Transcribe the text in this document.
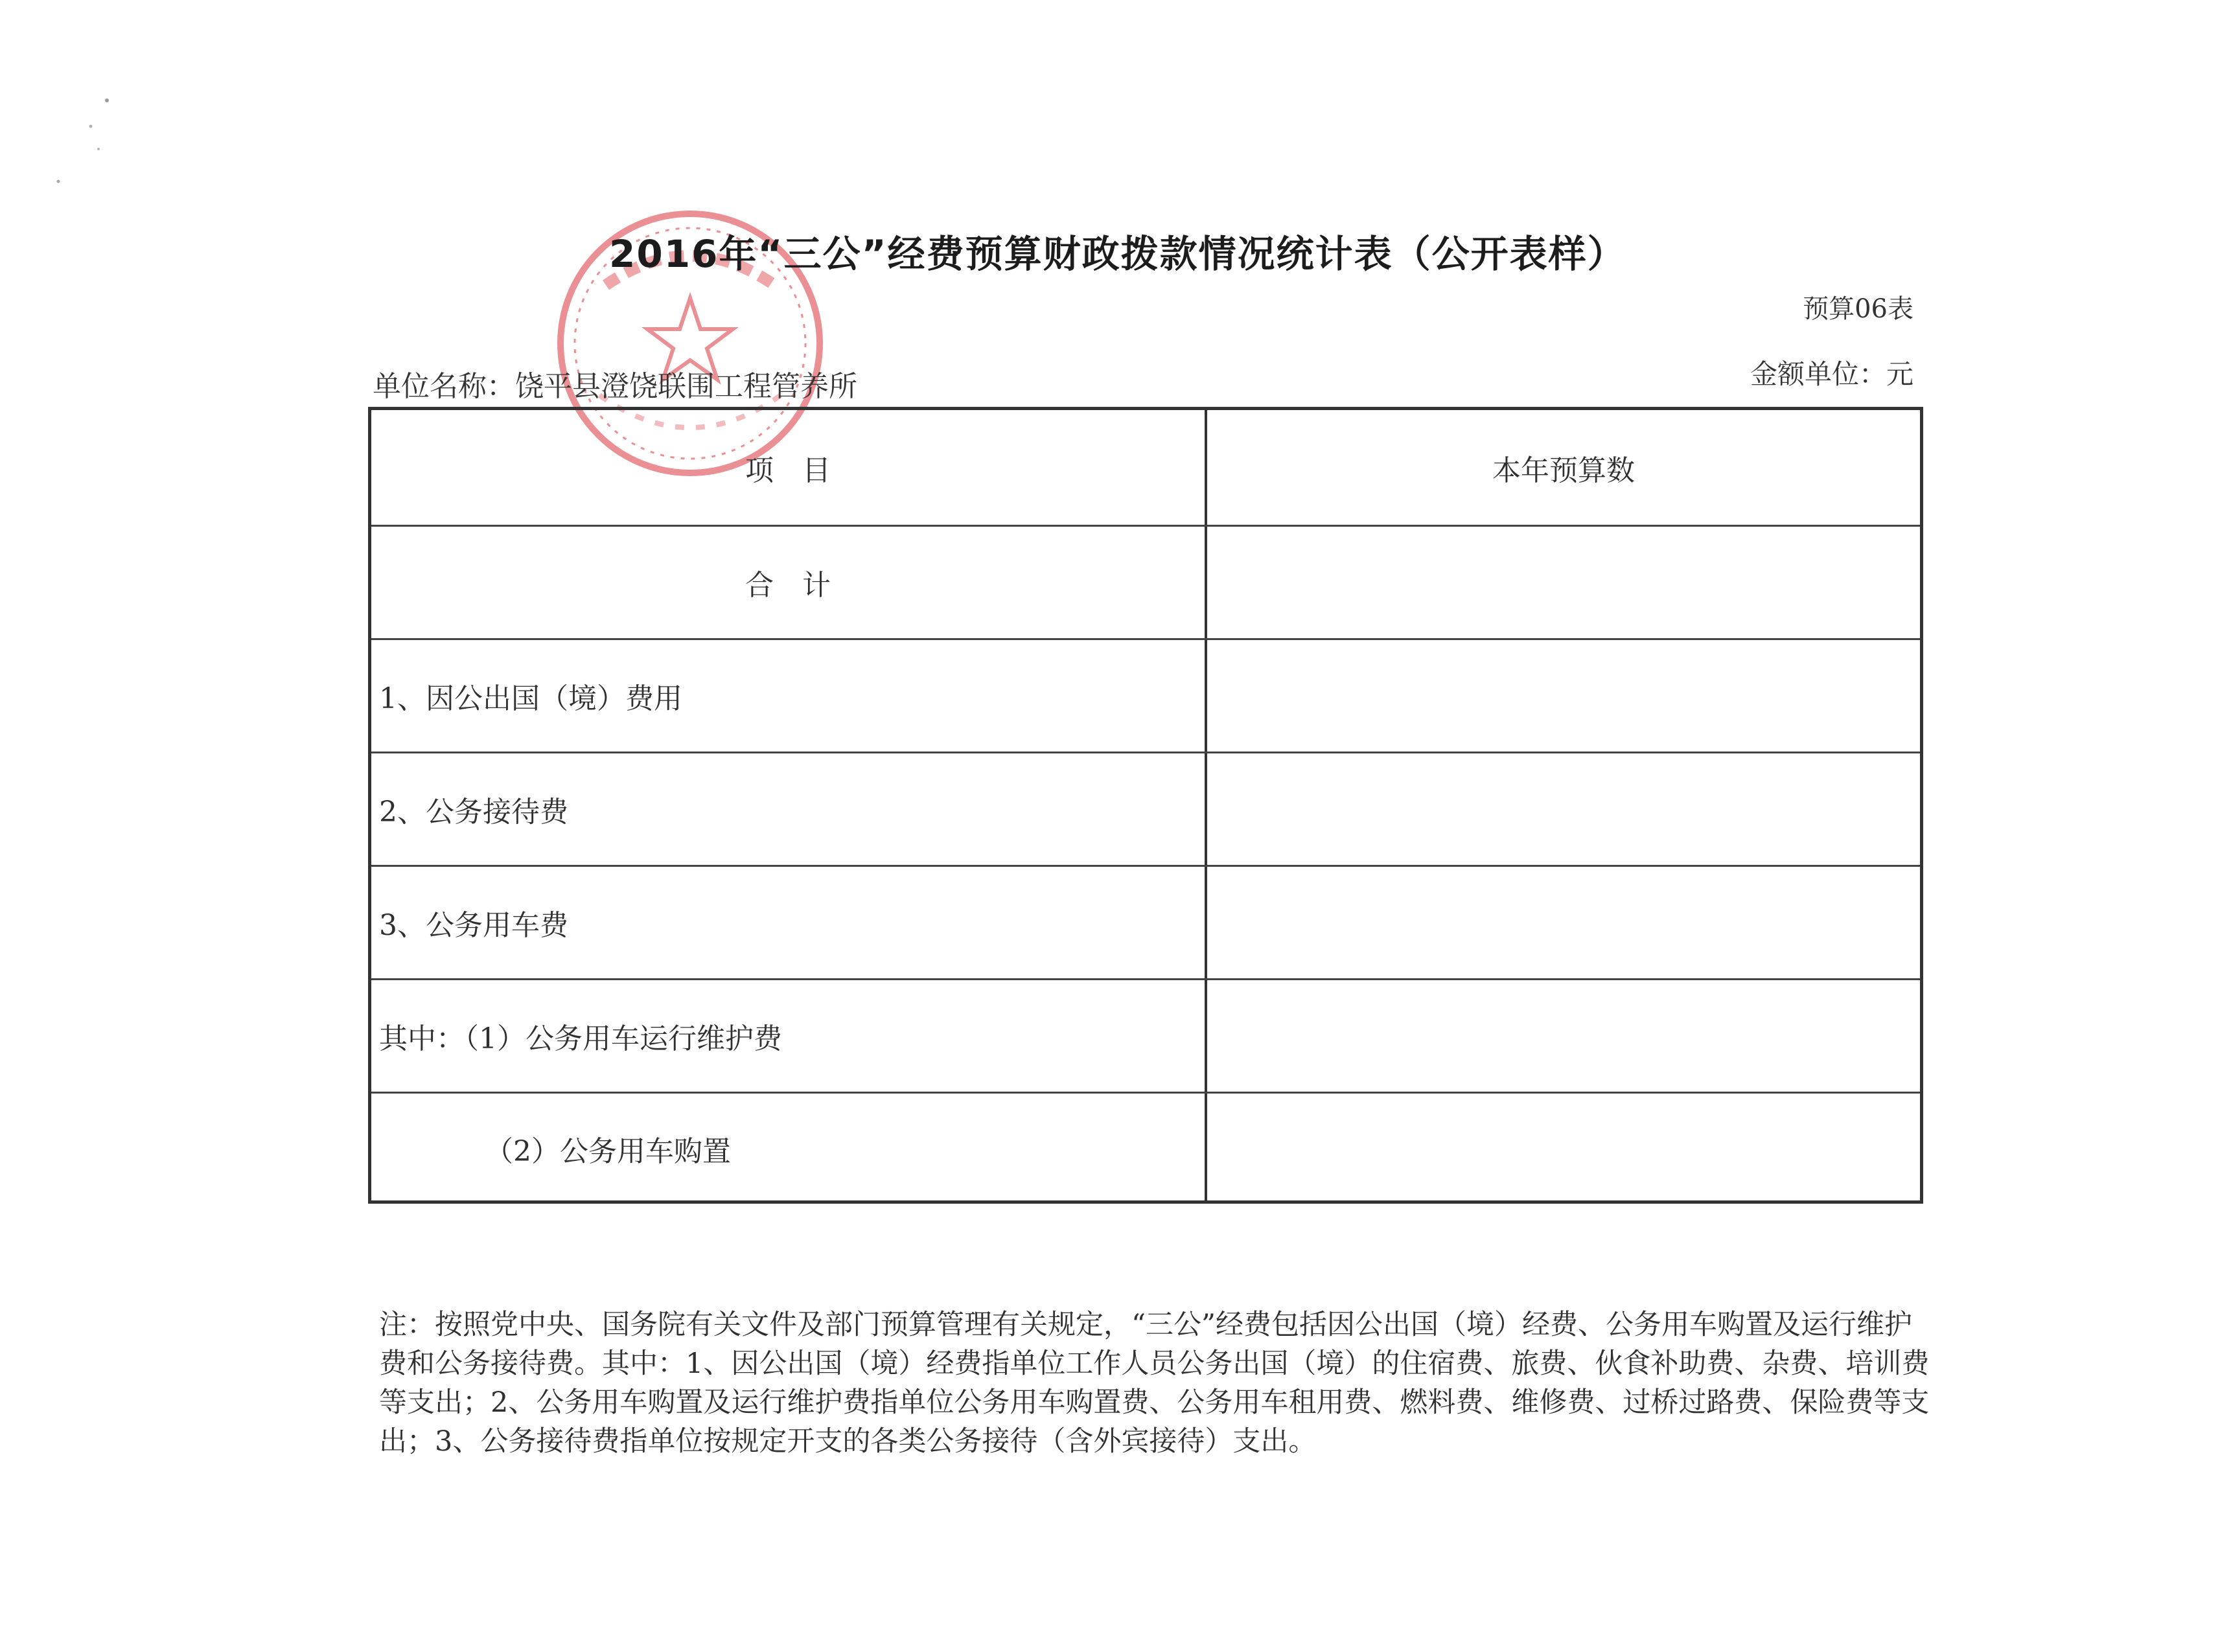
2016年“三公”经费预算财政拨款情况统计表（公开表样）
预算06表
单位名称：饶平县澄饶联围工程管养所	金额单位：元
项　目	本年预算数
合　计
1、因公出国（境）费用
2、公务接待费
3、公务用车费
其中：（1）公务用车运行维护费
（2）公务用车购置
注：按照党中央、国务院有关文件及部门预算管理有关规定，“三公”经费包括因公出国（境）经费、公务用车购置及运行维护费和公务接待费。其中：1、因公出国（境）经费指单位工作人员公务出国（境）的住宿费、旅费、伙食补助费、杂费、培训费等支出；2、公务用车购置及运行维护费指单位公务用车购置费、公务用车租用费、燃料费、维修费、过桥过路费、保险费等支出；3、公务接待费指单位按规定开支的各类公务接待（含外宾接待）支出。
